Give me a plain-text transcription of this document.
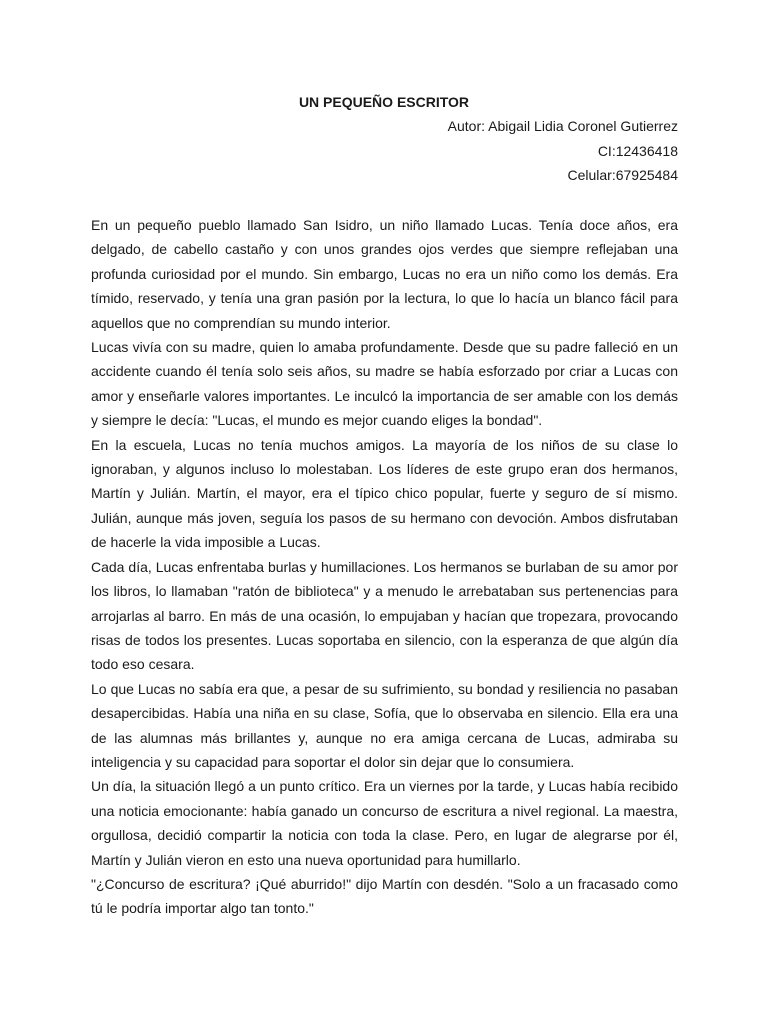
UN PEQUEÑO ESCRITOR
Autor: Abigail Lidia Coronel Gutierrez
CI:12436418
Celular:67925484

En un pequeño pueblo llamado San Isidro, un niño llamado Lucas. Tenía doce años, era delgado, de cabello castaño y con unos grandes ojos verdes que siempre reflejaban una profunda curiosidad por el mundo. Sin embargo, Lucas no era un niño como los demás. Era tímido, reservado, y tenía una gran pasión por la lectura, lo que lo hacía un blanco fácil para aquellos que no comprendían su mundo interior.

Lucas vivía con su madre, quien lo amaba profundamente. Desde que su padre falleció en un accidente cuando él tenía solo seis años, su madre se había esforzado por criar a Lucas con amor y enseñarle valores importantes. Le inculcó la importancia de ser amable con los demás y siempre le decía: "Lucas, el mundo es mejor cuando eliges la bondad".

En la escuela, Lucas no tenía muchos amigos. La mayoría de los niños de su clase lo ignoraban, y algunos incluso lo molestaban. Los líderes de este grupo eran dos hermanos, Martín y Julián. Martín, el mayor, era el típico chico popular, fuerte y seguro de sí mismo. Julián, aunque más joven, seguía los pasos de su hermano con devoción. Ambos disfrutaban de hacerle la vida imposible a Lucas.

Cada día, Lucas enfrentaba burlas y humillaciones. Los hermanos se burlaban de su amor por los libros, lo llamaban "ratón de biblioteca" y a menudo le arrebataban sus pertenencias para arrojarlas al barro. En más de una ocasión, lo empujaban y hacían que tropezara, provocando risas de todos los presentes. Lucas soportaba en silencio, con la esperanza de que algún día todo eso cesara.

Lo que Lucas no sabía era que, a pesar de su sufrimiento, su bondad y resiliencia no pasaban desapercibidas. Había una niña en su clase, Sofía, que lo observaba en silencio. Ella era una de las alumnas más brillantes y, aunque no era amiga cercana de Lucas, admiraba su inteligencia y su capacidad para soportar el dolor sin dejar que lo consumiera.

Un día, la situación llegó a un punto crítico. Era un viernes por la tarde, y Lucas había recibido una noticia emocionante: había ganado un concurso de escritura a nivel regional. La maestra, orgullosa, decidió compartir la noticia con toda la clase. Pero, en lugar de alegrarse por él, Martín y Julián vieron en esto una nueva oportunidad para humillarlo.

"¿Concurso de escritura? ¡Qué aburrido!" dijo Martín con desdén. "Solo a un fracasado como tú le podría importar algo tan tonto."
